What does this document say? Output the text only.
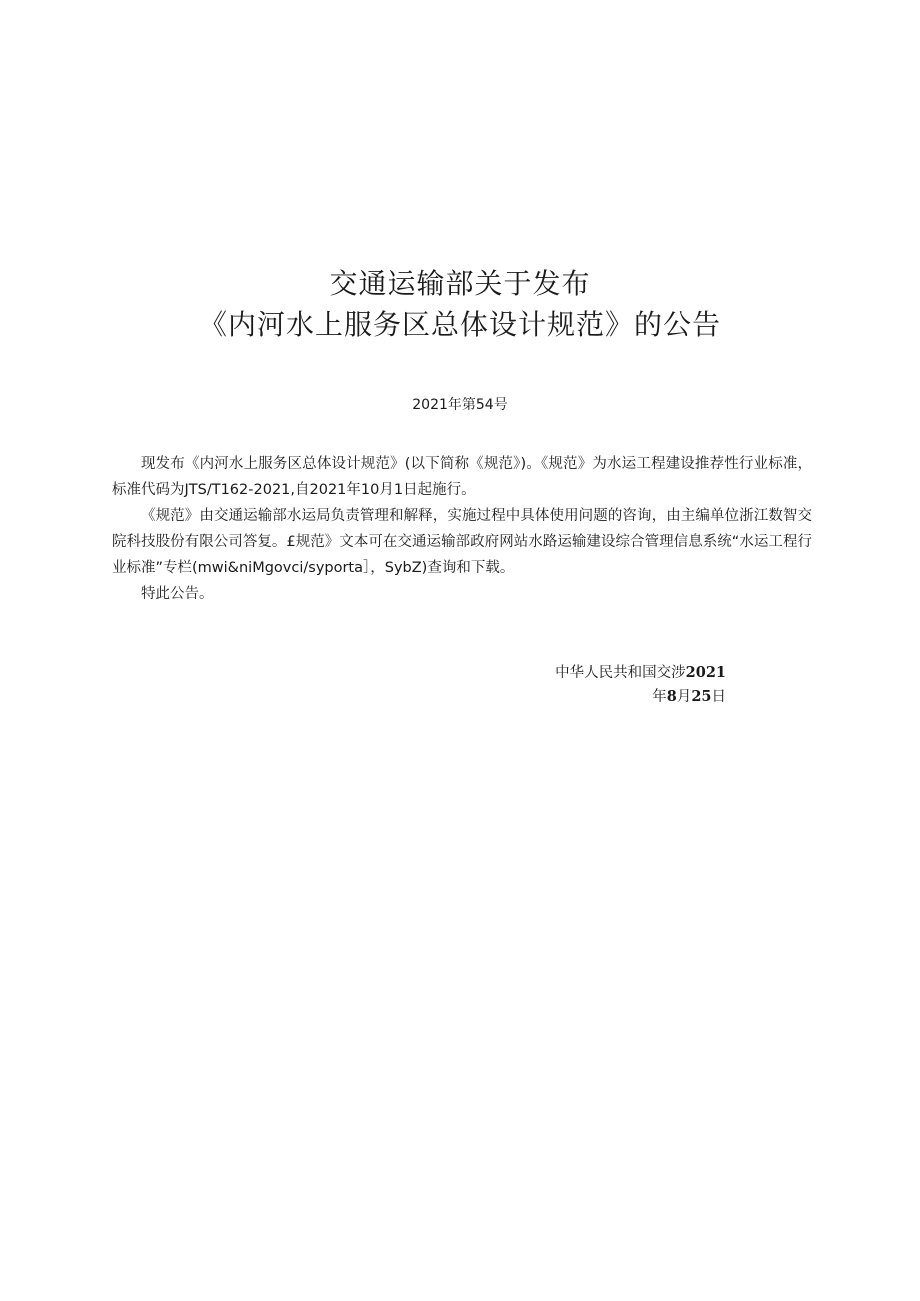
交通运输部关于发布
《内河水上服务区总体设计规范》的公告
2021年第54号

现发布《内河水上服务区总体设计规范》(以下简称《规范》)。《规范》为水运工程建设推荐性行业标准，标准代码为JTS/T162-2021,自2021年10月1日起施行。

《规范》由交通运输部水运局负责管理和解释，实施过程中具体使用问题的咨询，由主编单位浙江数智交院科技股份有限公司答复。£规范》文本可在交通运输部政府网站水路运输建设综合管理信息系统“水运工程行业标准”专栏(mwi&niMgovci/syporta］，SybZ)查询和下载。

特此公告。

中华人民共和国交涉2021
年8月25日
